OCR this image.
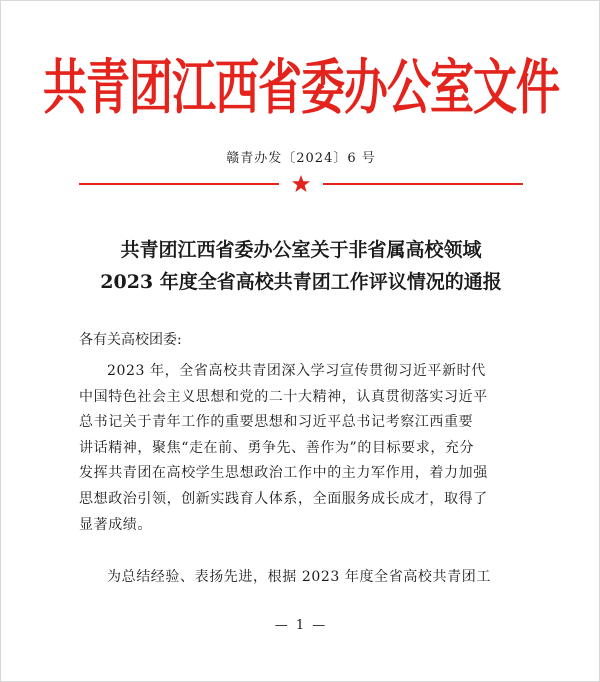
共青团江西省委办公室文件
赣青办发〔2024〕6 号
共青团江西省委办公室关于非省属高校领域
2023 年度全省高校共青团工作评议情况的通报
各有关高校团委:
2023 年，全省高校共青团深入学习宣传贯彻习近平新时代
中国特色社会主义思想和党的二十大精神，认真贯彻落实习近平
总书记关于青年工作的重要思想和习近平总书记考察江西重要
讲话精神，聚焦“走在前、勇争先、善作为”的目标要求，充分
发挥共青团在高校学生思想政治工作中的主力军作用，着力加强
思想政治引领，创新实践育人体系，全面服务成长成才，取得了
显著成绩。
为总结经验、表扬先进，根据 2023 年度全省高校共青团工
— 1 —
